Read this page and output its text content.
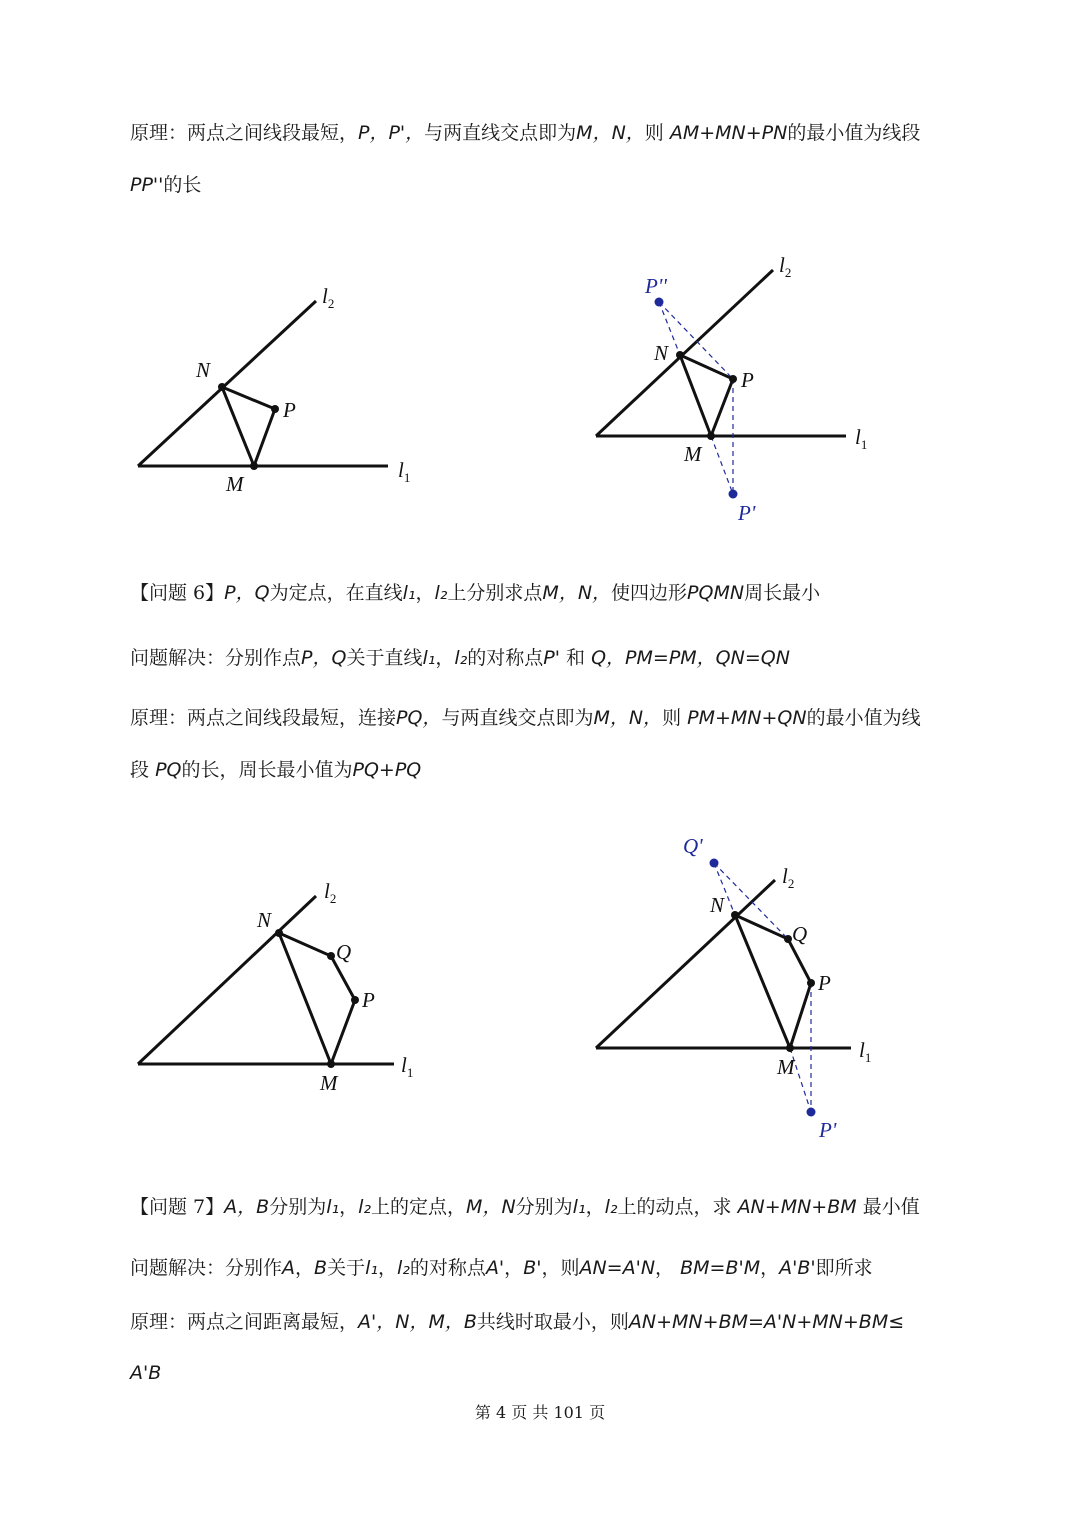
原理：两点之间线段最短，P，P'，与两直线交点即为M，N，则 AM+MN+PN的最小值为线段
PP''的长
$l_2$
$l_1$
N
P
M
$l_2$
$l_1$
N
P
M
P''
P'
$l_2$
$l_1$
N
Q
P
M
$l_2$
$l_1$
N
Q
P
M
Q'
P'
【问题 6】P，Q为定点，在直线l₁，l₂上分别求点M，N，使四边形PQMN周长最小
问题解决：分别作点P，Q关于直线l₁，l₂的对称点P' 和 Q，PM=PM，QN=QN
原理：两点之间线段最短，连接PQ，与两直线交点即为M，N，则 PM+MN+QN的最小值为线
段 PQ的长，周长最小值为PQ+PQ
【问题 7】A，B分别为l₁，l₂上的定点，M，N分别为l₁，l₂上的动点，求 AN+MN+BM 最小值
问题解决：分别作A，B关于l₁，l₂的对称点A'，B'，则AN=A'N， BM=B'M，A'B'即所求
原理：两点之间距离最短，A'，N，M，B共线时取最小，则AN+MN+BM=A'N+MN+BM≤
A'B
第 4 页 共 101 页
